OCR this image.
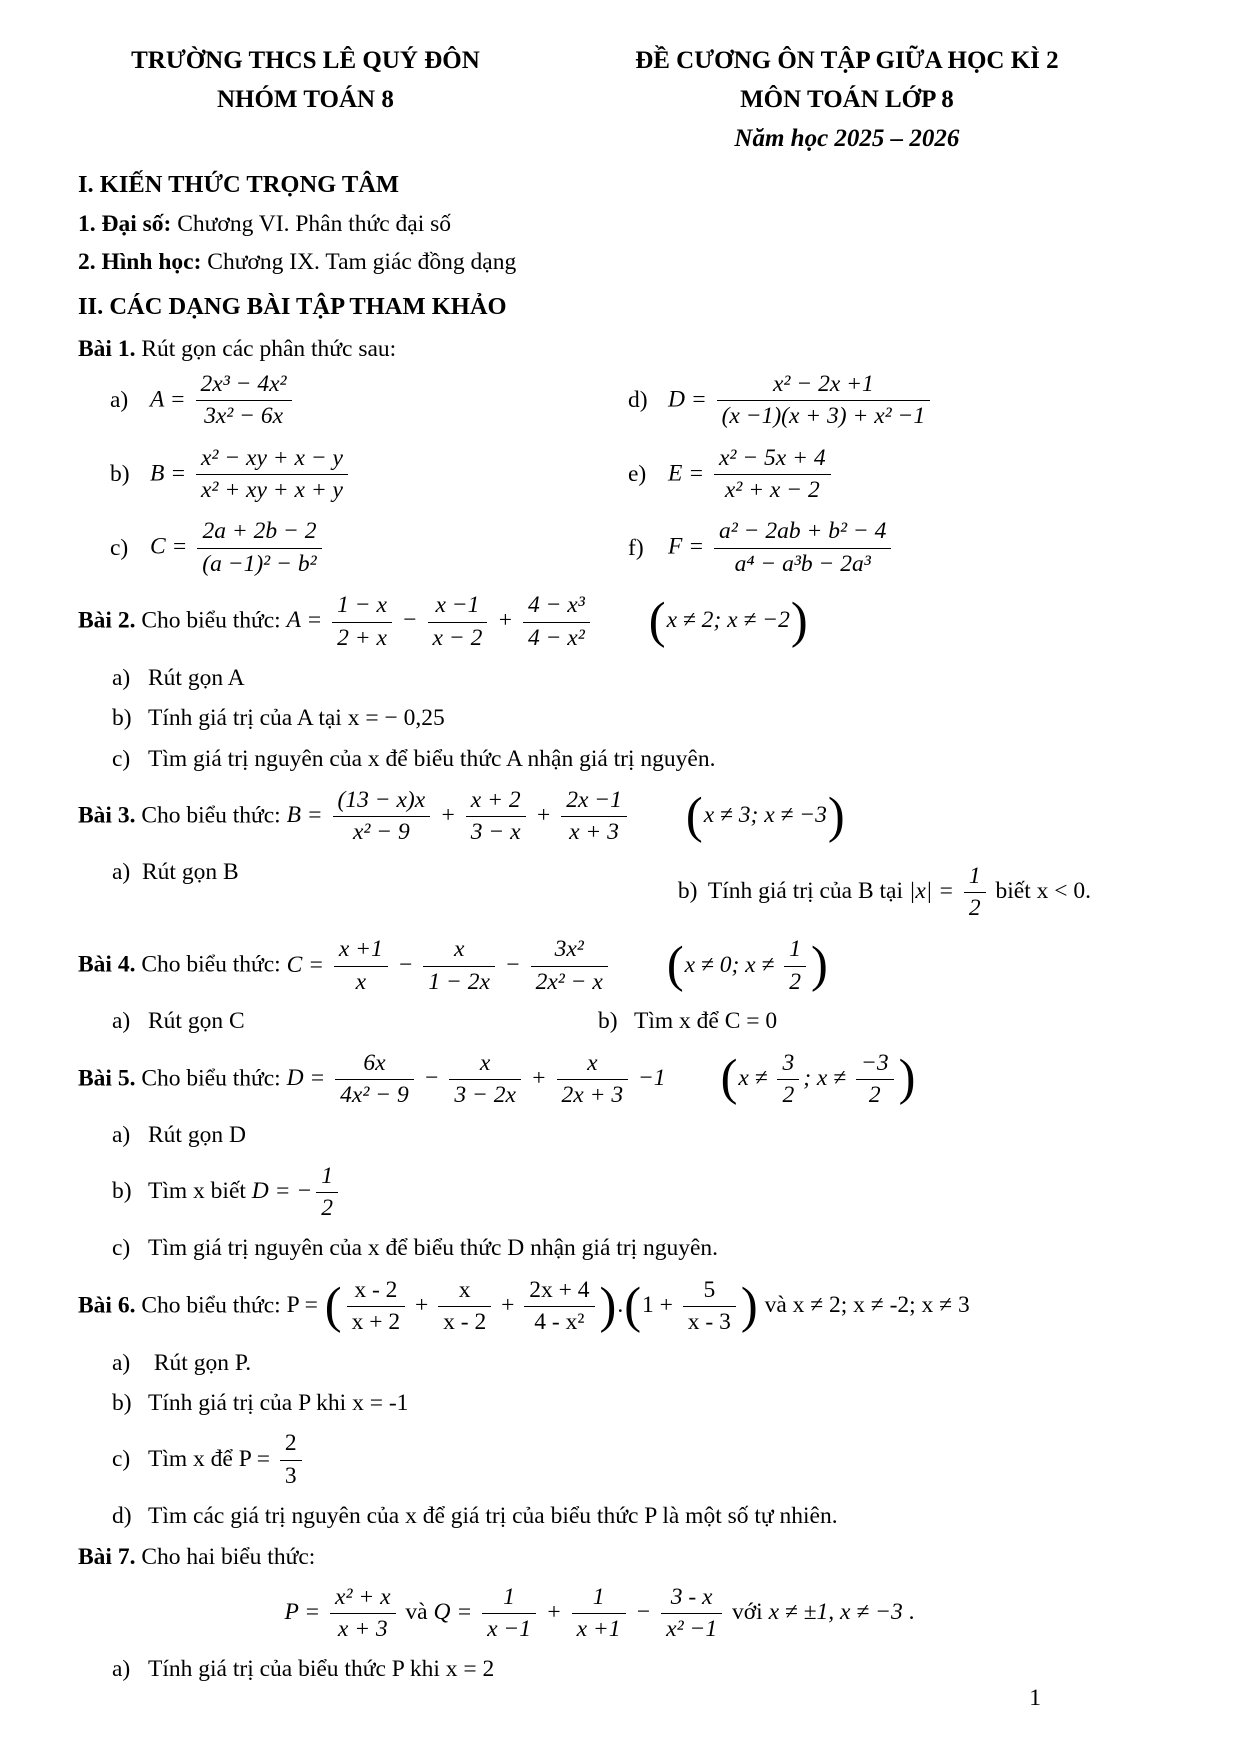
TRƯỜNG THCS LÊ QUÝ ĐÔN
NHÓM TOÁN 8
ĐỀ CƯƠNG ÔN TẬP GIỮA HỌC KÌ 2
MÔN TOÁN LỚP 8
Năm học 2025 – 2026
I. KIẾN THỨC TRỌNG TÂM
1. Đại số: Chương VI. Phân thức đại số
2. Hình học: Chương IX. Tam giác đồng dạng
II. CÁC DẠNG BÀI TẬP THAM KHẢO
Bài 1. Rút gọn các phân thức sau:
a) $A = \frac{\text{2x³ − 4x²}}{\text{3x² − 6x}}$	d) $D = \frac{\text{x² − 2x +1}}{\text{(x −1)(x + 3) + x² −1}}$
b) $B = \frac{\text{x² − xy + x − y}}{\text{x² + xy + x + y}}$	e) $E = \frac{\text{x² − 5x + 4}}{\text{x² + x − 2}}$
c) $C = \frac{2a + 2b - 2}{\text{(a −1)² − b²}}$	f)	$F = \frac{\text{a² − 2ab + b² − 4}}{\text{a⁴ − a³b − 2a³}}$
Bài 2. Cho biểu thức: $A = \frac{1 - x}{2 + x} - \frac{x -1}{x - 2} + \frac{\text{4 − x³}}{\text{4 − x²}} (x \ne 2$; x ≠ −2)
a) Rút gọn A
b) Tính giá trị của A tại x = − 0,25
c) Tìm giá trị nguyên của x để biểu thức A nhận giá trị nguyên.
Bài 3. Cho biểu thức: $B = \frac{(13 - x)x}{\text{x² − 9}} + \frac{x + 2}{3 - x} + \frac{2x -1}{x + 3} (x \ne 3$; x ≠ −3)
a) Rút gọn B
b) Tính giá trị của B tại $|x| = \frac{1}{2}$ biết x < 0.
Bài 4. Cho biểu thức: $C = \frac{x +1}{x} - \frac{x}{1 - 2x} - \frac{\text{3x²}}{\text{2x² − x}} (x \ne 0$; $x \ne \frac{1}{2}$ )
a) Rút gọn C	b) Tìm x để C = 0
Bài 5. Cho biểu thức: $D = \frac{6x}{\text{4x² − 9}} - \frac{x}{3 - 2x} + \frac{x}{2x + 3} -1$ ($x \ne \frac{3}{2}$ ; $x \ne \frac{-3}{2}$ )
a) Rút gọn D
b) Tìm x biết D = − $\frac{1}{2}$
c) Tìm giá trị nguyên của x để biểu thức D nhận giá trị nguyên.
Bài 6. Cho biểu thức: P = ( $\frac{x - 2}{x + 2} + \frac{x}{x - 2} + \frac{2x + 4}{\text{4 - x²}} ).(1 + \frac{5}{x - 3}$ ) và x ≠ 2; x ≠ -2; x ≠ 3
a) Rút gọn P.
b) Tính giá trị của P khi x = -1
c) Tìm x để $P = \frac{2}{3}$
d) Tìm các giá trị nguyên của x để giá trị của biểu thức P là một số tự nhiên.
Bài 7. Cho hai biểu thức:
$P = \frac{\text{x² + x}}{x + 3}$ và $Q = \frac{1}{x -1} + \frac{1}{x +1} - \frac{3 - x}{\text{x² −1}}$ với x ≠ ±1, x ≠ −3 .
a) Tính giá trị của biểu thức P khi x = 2
1
